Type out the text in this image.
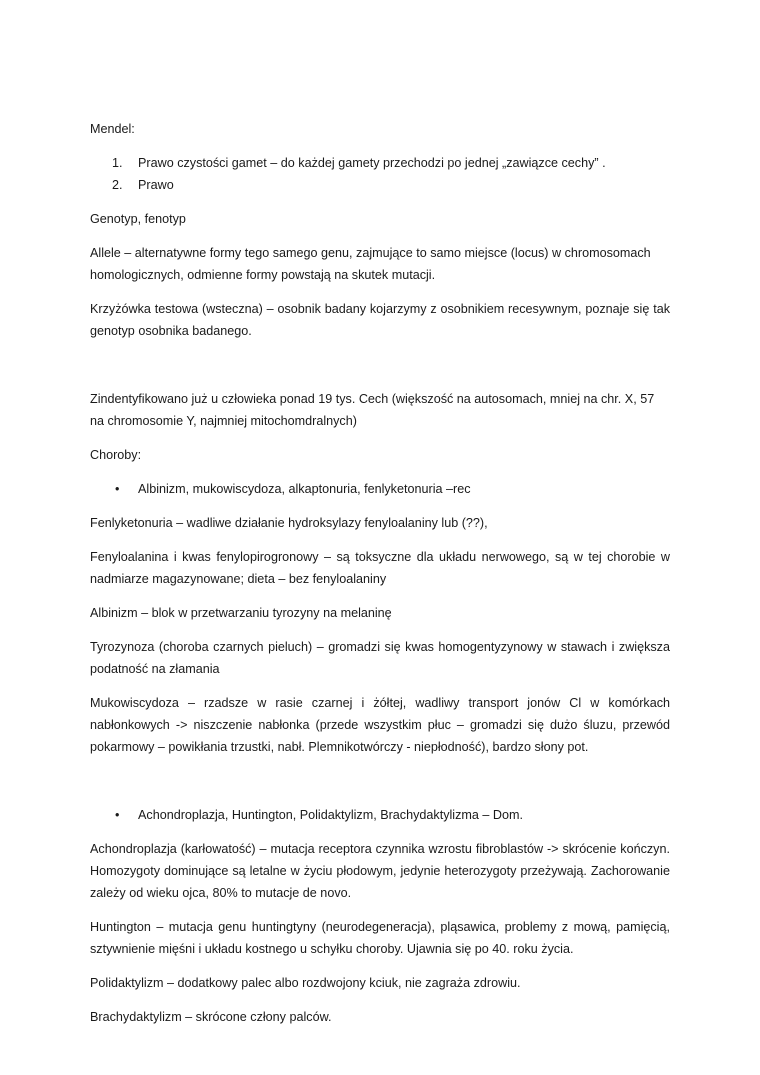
Mendel:

1. Prawo czystości gamet – do każdej gamety przechodzi po jednej „zawiązce cechy” .
2. Prawo

Genotyp, fenotyp

Allele – alternatywne formy tego samego genu, zajmujące to samo miejsce (locus) w chromosomach homologicznych, odmienne formy powstają na skutek mutacji.

Krzyżówka testowa (wsteczna) – osobnik badany kojarzymy z osobnikiem recesywnym, poznaje się tak genotyp osobnika badanego.

Zindentyfikowano już u człowieka ponad 19 tys. Cech (większość na autosomach, mniej na chr. X, 57 na chromosomie Y, najmniej mitochomdralnych)

Choroby:

• Albinizm, mukowiscydoza, alkaptonuria, fenlyketonuria –rec

Fenlyketonuria – wadliwe działanie hydroksylazy fenyloalaniny lub (??),

Fenyloalanina i kwas fenylopirogronowy – są toksyczne dla układu nerwowego, są w tej chorobie w nadmiarze magazynowane; dieta – bez fenyloalaniny

Albinizm – blok w przetwarzaniu tyrozyny na melaninę

Tyrozynoza (choroba czarnych pieluch) – gromadzi się kwas homogentyzynowy w stawach i zwiększa podatność na złamania

Mukowiscydoza – rzadsze w rasie czarnej i żółtej, wadliwy transport jonów Cl w komórkach nabłonkowych -> niszczenie nabłonka (przede wszystkim płuc – gromadzi się dużo śluzu, przewód pokarmowy – powikłania trzustki, nabł. Plemnikotwórczy - niepłodność), bardzo słony pot.

• Achondroplazja, Huntington, Polidaktylizm, Brachydaktylizma – Dom.

Achondroplazja (karłowatość) – mutacja receptora czynnika wzrostu fibroblastów -> skrócenie kończyn. Homozygoty dominujące są letalne w życiu płodowym, jedynie heterozygoty przeżywają. Zachorowanie zależy od wieku ojca, 80% to mutacje de novo.

Huntington – mutacja genu huntingtyny (neurodegeneracja), pląsawica, problemy z mową, pamięcią, sztywnienie mięśni i układu kostnego u schyłku choroby. Ujawnia się po 40. roku życia.

Polidaktylizm – dodatkowy palec albo rozdwojony kciuk, nie zagraża zdrowiu.

Brachydaktylizm – skrócone człony palców.
